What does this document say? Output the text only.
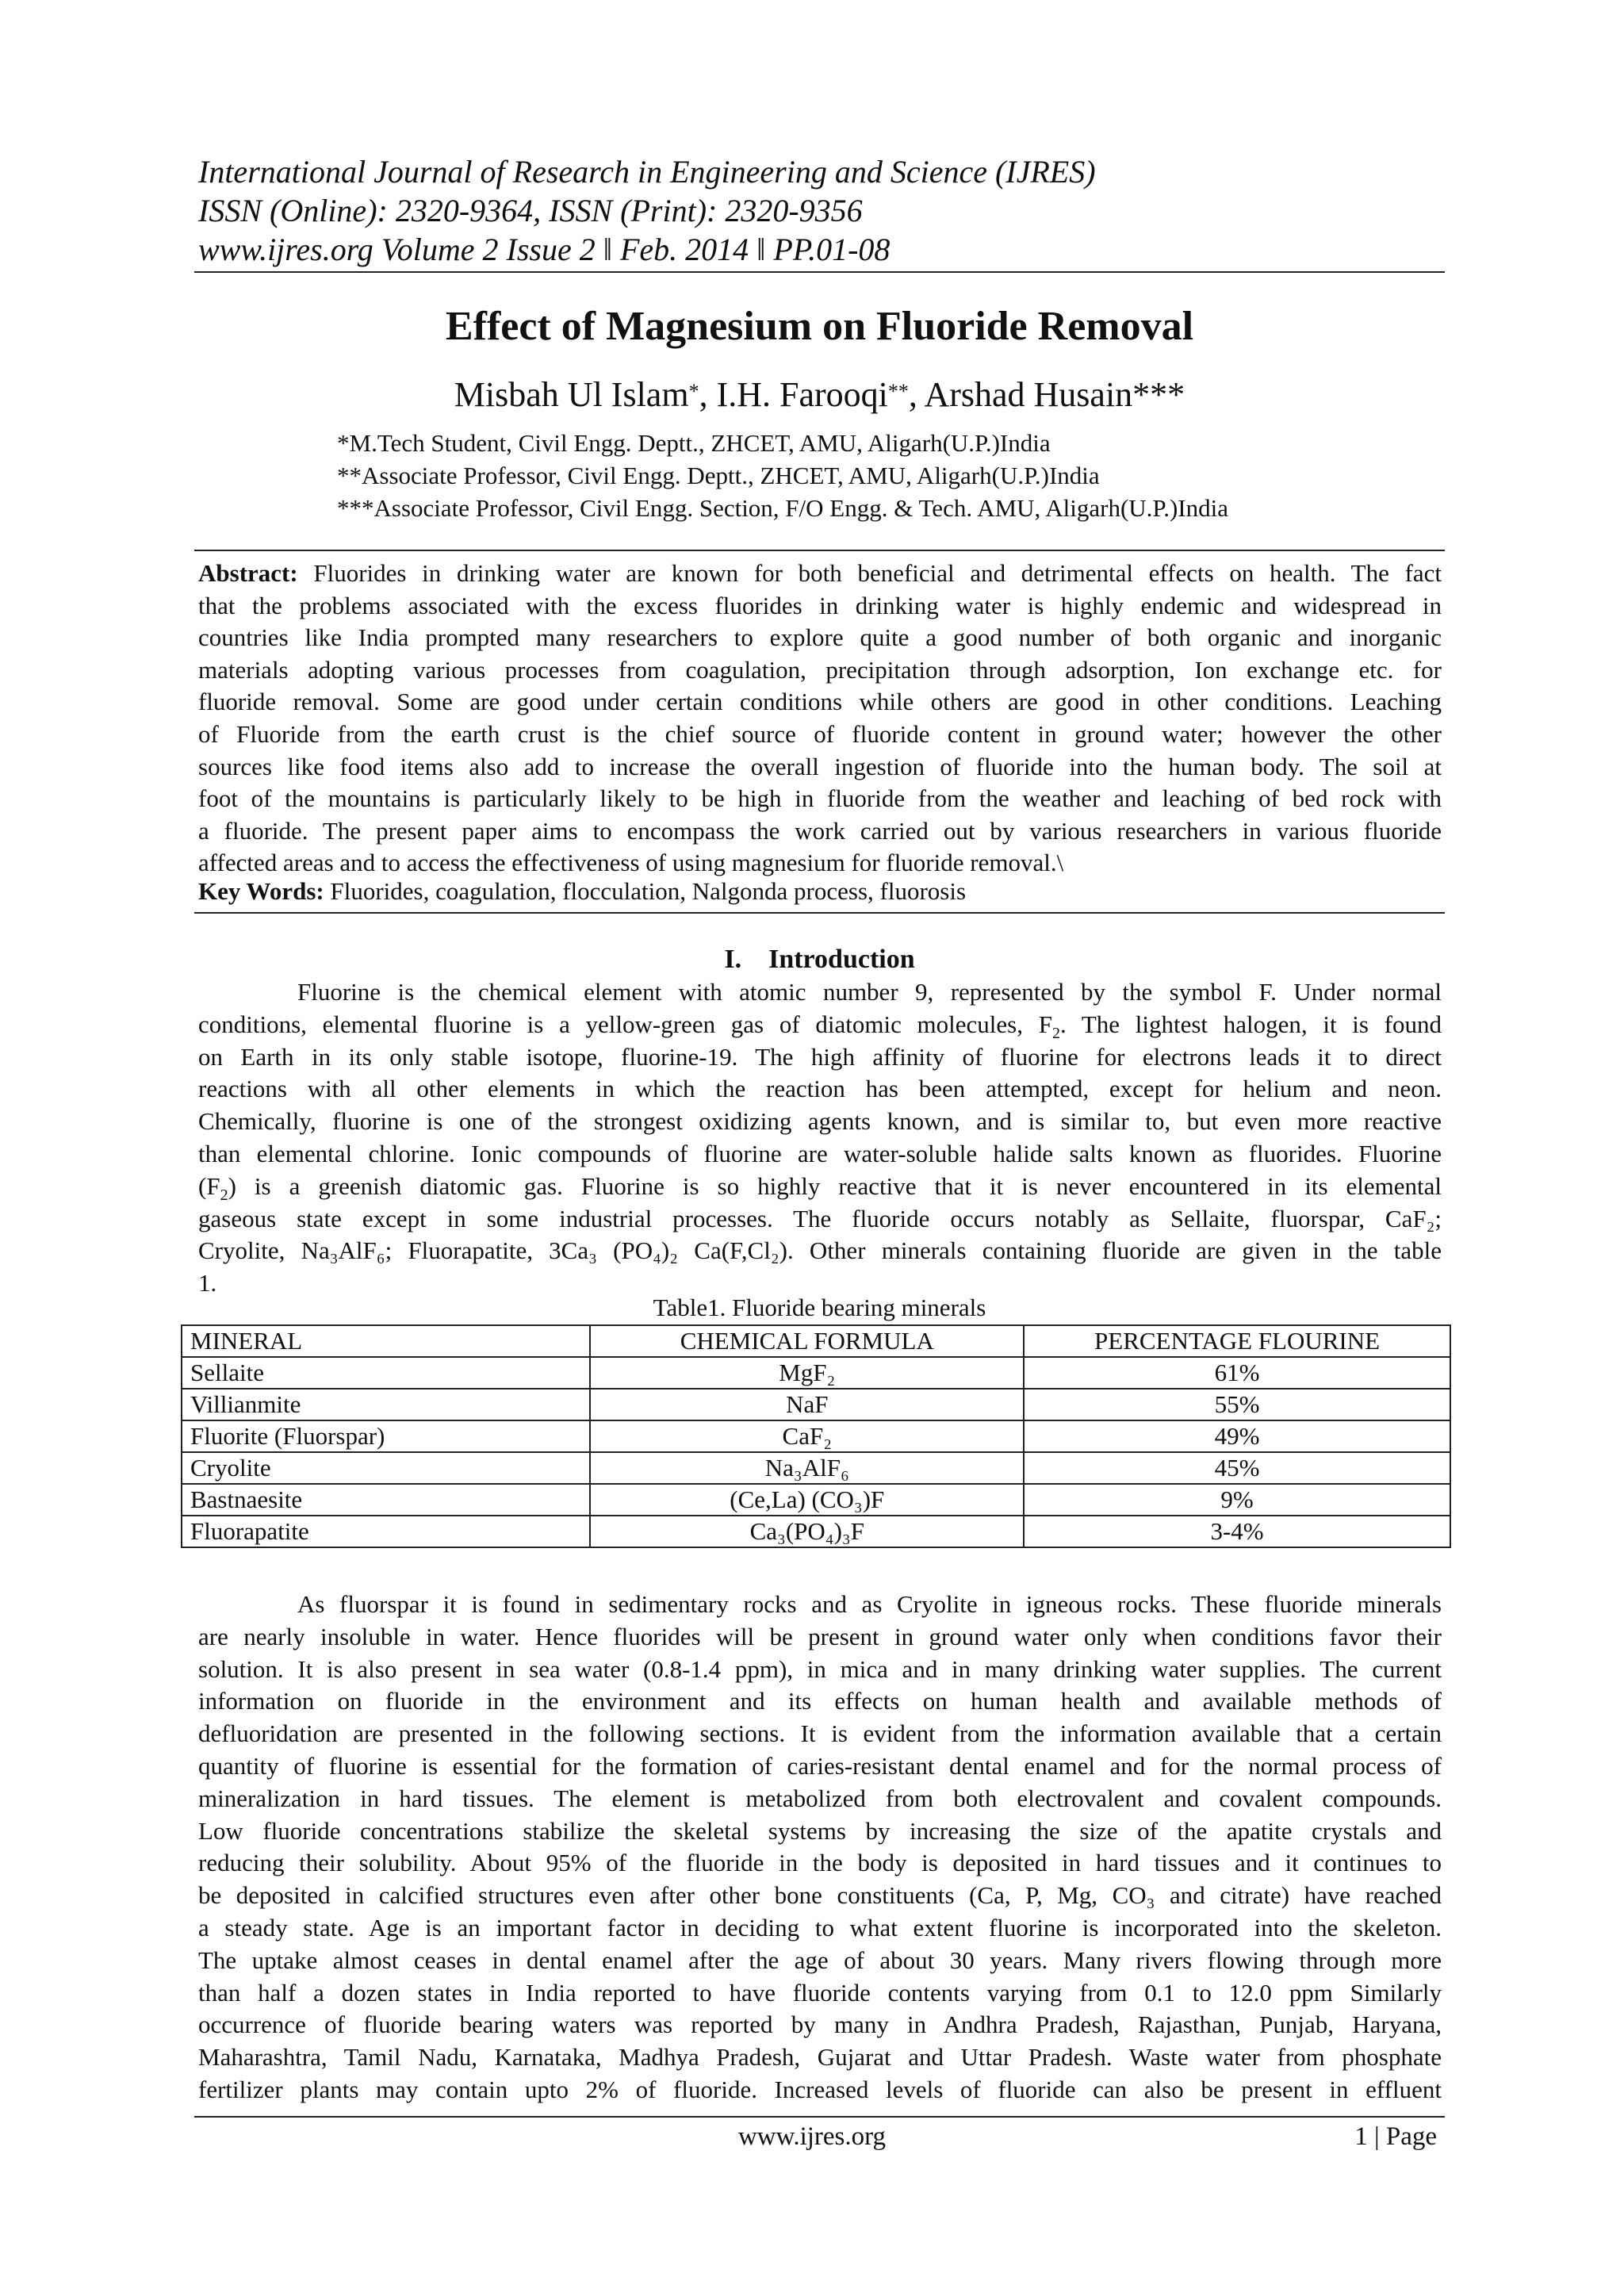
International Journal of Research in Engineering and Science (IJRES)
ISSN (Online): 2320-9364, ISSN (Print): 2320-9356
www.ijres.org Volume 2 Issue 2 ǁ Feb. 2014 ǁ PP.01-08
Effect of Magnesium on Fluoride Removal
Misbah Ul Islam*, I.H. Farooqi**, Arshad Husain***
*M.Tech Student, Civil Engg. Deptt., ZHCET, AMU, Aligarh(U.P.)India
**Associate Professor, Civil Engg. Deptt., ZHCET, AMU, Aligarh(U.P.)India
***Associate Professor, Civil Engg. Section, F/O Engg. & Tech. AMU, Aligarh(U.P.)India
Abstract: Fluorides in drinking water are known for both beneficial and detrimental effects on health. The fact
that the problems associated with the excess fluorides in drinking water is highly endemic and widespread in
countries like India prompted many researchers to explore quite a good number of both organic and inorganic
materials adopting various processes from coagulation, precipitation through adsorption, Ion exchange etc. for
fluoride removal. Some are good under certain conditions while others are good in other conditions. Leaching
of Fluoride from the earth crust is the chief source of fluoride content in ground water; however the other
sources like food items also add to increase the overall ingestion of fluoride into the human body. The soil at
foot of the mountains is particularly likely to be high in fluoride from the weather and leaching of bed rock with
a fluoride. The present paper aims to encompass the work carried out by various researchers in various fluoride
affected areas and to access the effectiveness of using magnesium for fluoride removal.\
Key Words: Fluorides, coagulation, flocculation, Nalgonda process, fluorosis
I.    Introduction
Fluorine is the chemical element with atomic number 9, represented by the symbol F. Under normal
conditions, elemental fluorine is a yellow-green gas of diatomic molecules, $F_2$. The lightest halogen, it is found
on Earth in its only stable isotope, fluorine-19. The high affinity of fluorine for electrons leads it to direct
reactions with all other elements in which the reaction has been attempted, except for helium and neon.
Chemically, fluorine is one of the strongest oxidizing agents known, and is similar to, but even more reactive
than elemental chlorine. Ionic compounds of fluorine are water-soluble halide salts known as fluorides. Fluorine
$(F_2)$ is a greenish diatomic gas. Fluorine is so highly reactive that it is never encountered in its elemental
gaseous state except in some industrial processes. The fluoride occurs notably as Sellaite, fluorspar, CaF₂;
Cryolite, Na₃AlF₆; Fluorapatite, 3Ca₃ (PO₄)₂ Ca(F,Cl₂). Other minerals containing fluoride are given in the table
1.
Table1. Fluoride bearing minerals
MINERAL	CHEMICAL FORMULA	PERCENTAGE FLOURINE
Sellaite	MgF₂	61%
Villianmite	NaF	55%
Fluorite (Fluorspar)	CaF₂	49%
Cryolite	Na₃AlF₆	45%
Bastnaesite	(Ce,La) (CO₃)F	9%
Fluorapatite	Ca₃(PO₄)₃F	3-4%
As fluorspar it is found in sedimentary rocks and as Cryolite in igneous rocks. These fluoride minerals
are nearly insoluble in water. Hence fluorides will be present in ground water only when conditions favor their
solution. It is also present in sea water (0.8-1.4 ppm), in mica and in many drinking water supplies. The current
information on fluoride in the environment and its effects on human health and available methods of
defluoridation are presented in the following sections. It is evident from the information available that a certain
quantity of fluorine is essential for the formation of caries-resistant dental enamel and for the normal process of
mineralization in hard tissues. The element is metabolized from both electrovalent and covalent compounds.
Low fluoride concentrations stabilize the skeletal systems by increasing the size of the apatite crystals and
reducing their solubility. About 95% of the fluoride in the body is deposited in hard tissues and it continues to
be deposited in calcified structures even after other bone constituents (Ca, P, Mg, CO₃ and citrate) have reached
a steady state. Age is an important factor in deciding to what extent fluorine is incorporated into the skeleton.
The uptake almost ceases in dental enamel after the age of about 30 years. Many rivers flowing through more
than half a dozen states in India reported to have fluoride contents varying from 0.1 to 12.0 ppm Similarly
occurrence of fluoride bearing waters was reported by many in Andhra Pradesh, Rajasthan, Punjab, Haryana,
Maharashtra, Tamil Nadu, Karnataka, Madhya Pradesh, Gujarat and Uttar Pradesh. Waste water from phosphate
fertilizer plants may contain upto 2% of fluoride. Increased levels of fluoride can also be present in effluent
www.ijres.org	1 | Page
